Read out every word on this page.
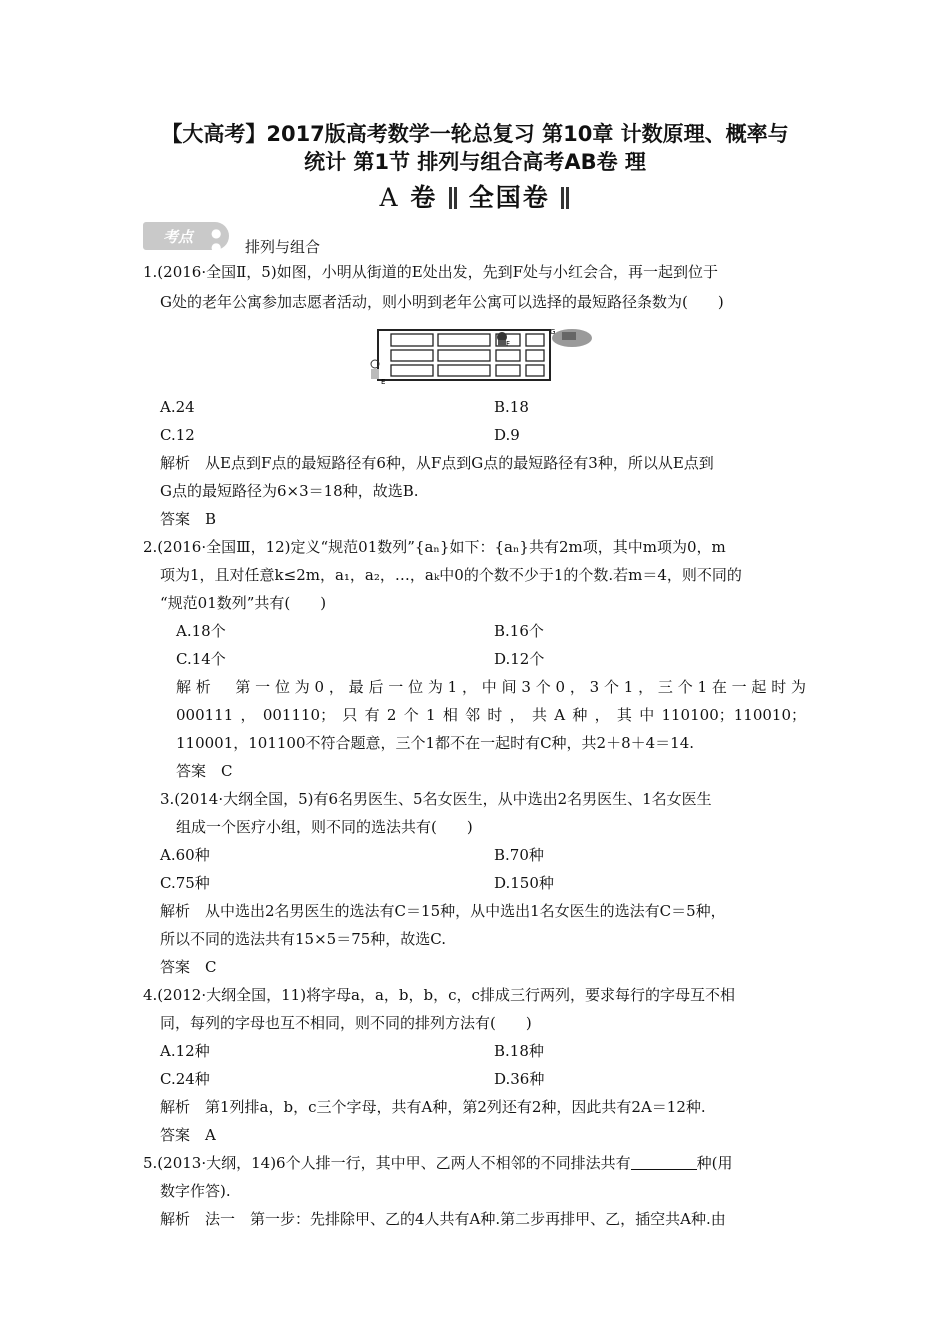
【大高考】2017版高考数学一轮总复习 第10章 计数原理、概率与
统计 第1节 排列与组合高考AB卷 理
A 卷 全国卷
考点 ● ●	排列与组合
1.(2016·全国Ⅱ，5)如图，小明从街道的E处出发，先到F处与小红会合，再一起到位于
G处的老年公寓参加志愿者活动，则小明到老年公寓可以选择的最短路径条数为(　　)
E
F
G
A.24	B.18
C.12	D.9
解析　从E点到F点的最短路径有6种，从F点到G点的最短路径有3种，所以从E点到
G点的最短路径为6×3＝18种，故选B.
答案　B
2.(2016·全国Ⅲ，12)定义“规范01数列”{aₙ}如下：{aₙ}共有2m项，其中m项为0，m
项为1，且对任意k≤2m，a₁，a₂，…，aₖ中0的个数不少于1的个数.若m＝4，则不同的
“规范01数列”共有(　　)
A.18个	B.16个
C.14个	D.12个
解析　第一位为0，最后一位为1，中间3个0，3个1，三个1在一起时为
000111，001110；只有2个1相邻时，共A种，其中110100；110010；
110001，101100不符合题意，三个1都不在一起时有C种，共2＋8＋4＝14.
答案　C
3.(2014·大纲全国，5)有6名男医生、5名女医生，从中选出2名男医生、1名女医生
组成一个医疗小组，则不同的选法共有(　　)
A.60种	B.70种
C.75种	D.150种
解析　从中选出2名男医生的选法有C＝15种，从中选出1名女医生的选法有C＝5种，
所以不同的选法共有15×5＝75种，故选C.
答案　C
4.(2012·大纲全国，11)将字母a，a，b，b，c，c排成三行两列，要求每行的字母互不相
同，每列的字母也互不相同，则不同的排列方法有(　　)
A.12种	B.18种
C.24种	D.36种
解析　第1列排a，b，c三个字母，共有A种，第2列还有2种，因此共有2A＝12种.
答案　A
5.(2013·大纲，14)6个人排一行，其中甲、乙两人不相邻的不同排法共有	种(用
数字作答).
解析　法一　第一步：先排除甲、乙的4人共有A种.第二步再排甲、乙，插空共A种.由
